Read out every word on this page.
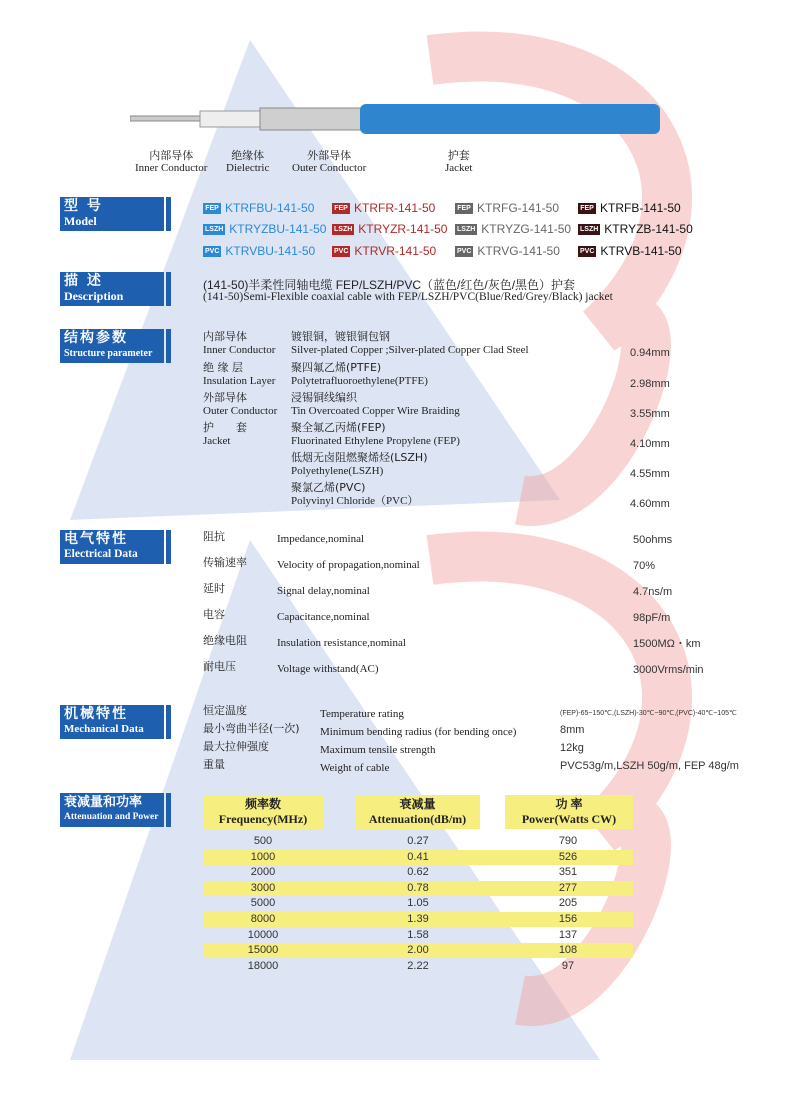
内部导体
Inner Conductor
绝缘体
Dielectric
外部导体
Outer Conductor
护套
Jacket
型 号
Model
FEP KTRFBU-141-50	FEP KTRFR-141-50	FEP KTRFG-141-50	FEP KTRFB-141-50
LSZH KTRYZBU-141-50 LSZH KTRYZR-141-50 LSZH KTRYZG-141-50 LSZH KTRYZB-141-50
PVC KTRVBU-141-50	PVC KTRVR-141-50	PVC KTRVG-141-50	PVC KTRVB-141-50
描 述
Description
(141-50)半柔性同轴电缆 FEP/LSZH/PVC（蓝色/红色/灰色/黑色）护套
(141-50)Semi-Flexible coaxial cable with FEP/LSZH/PVC(Blue/Red/Grey/Black) jacket
结构参数
Structure parameter
内部导体
Inner Conductor
镀银铜，镀银铜包钢
Silver-plated Copper ;Silver-plated Copper Clad Steel	0.94mm
绝 缘 层
Insulation Layer
聚四氟乙烯(PTFE)
Polytetrafluoroethylene(PTFE)	2.98mm
外部导体
Outer Conductor
浸锡铜线编织
Tin Overcoated Copper Wire Braiding	3.55mm
护　　套
Jacket
聚全氟乙丙烯(FEP)
Fluorinated Ethylene Propylene (FEP)	4.10mm
低烟无卤阻燃聚烯烃(LSZH)
Polyethylene(LSZH)	4.55mm
聚氯乙烯(PVC)
Polyvinyl Chloride（PVC）	4.60mm
电气特性
Electrical Data
阻抗	Impedance,nominal	50ohms
传输速率	Velocity of propagation,nominal	70%
延时	Signal delay,nominal	4.7ns/m
电容	Capacitance,nominal	98pF/m
绝缘电阻	Insulation resistance,nominal	1500MΩ・km
耐电压	Voltage withstand(AC)	3000Vrms/min
机械特性
Mechanical Data
恒定温度	Temperature rating	(FEP)-65~150℃,(LSZH)-30℃~90℃,(PVC)-40℃~105℃
最小弯曲半径(一次) Minimum bending radius (for bending once)	8mm
最大拉伸强度	Maximum tensile strength	12kg
重量	Weight of cable	PVC53g/m,LSZH 50g/m, FEP 48g/m
衰减量和功率
Attenuation and Power
频率数
Frequency(MHz)
衰减量
Attenuation(dB/m)
功 率
Power(Watts CW)
500	0.27	790
1000	0.41	526
2000	0.62	351
3000	0.78	277
5000	1.05	205
8000	1.39	156
10000	1.58	137
15000	2.00	108
18000	2.22	97
